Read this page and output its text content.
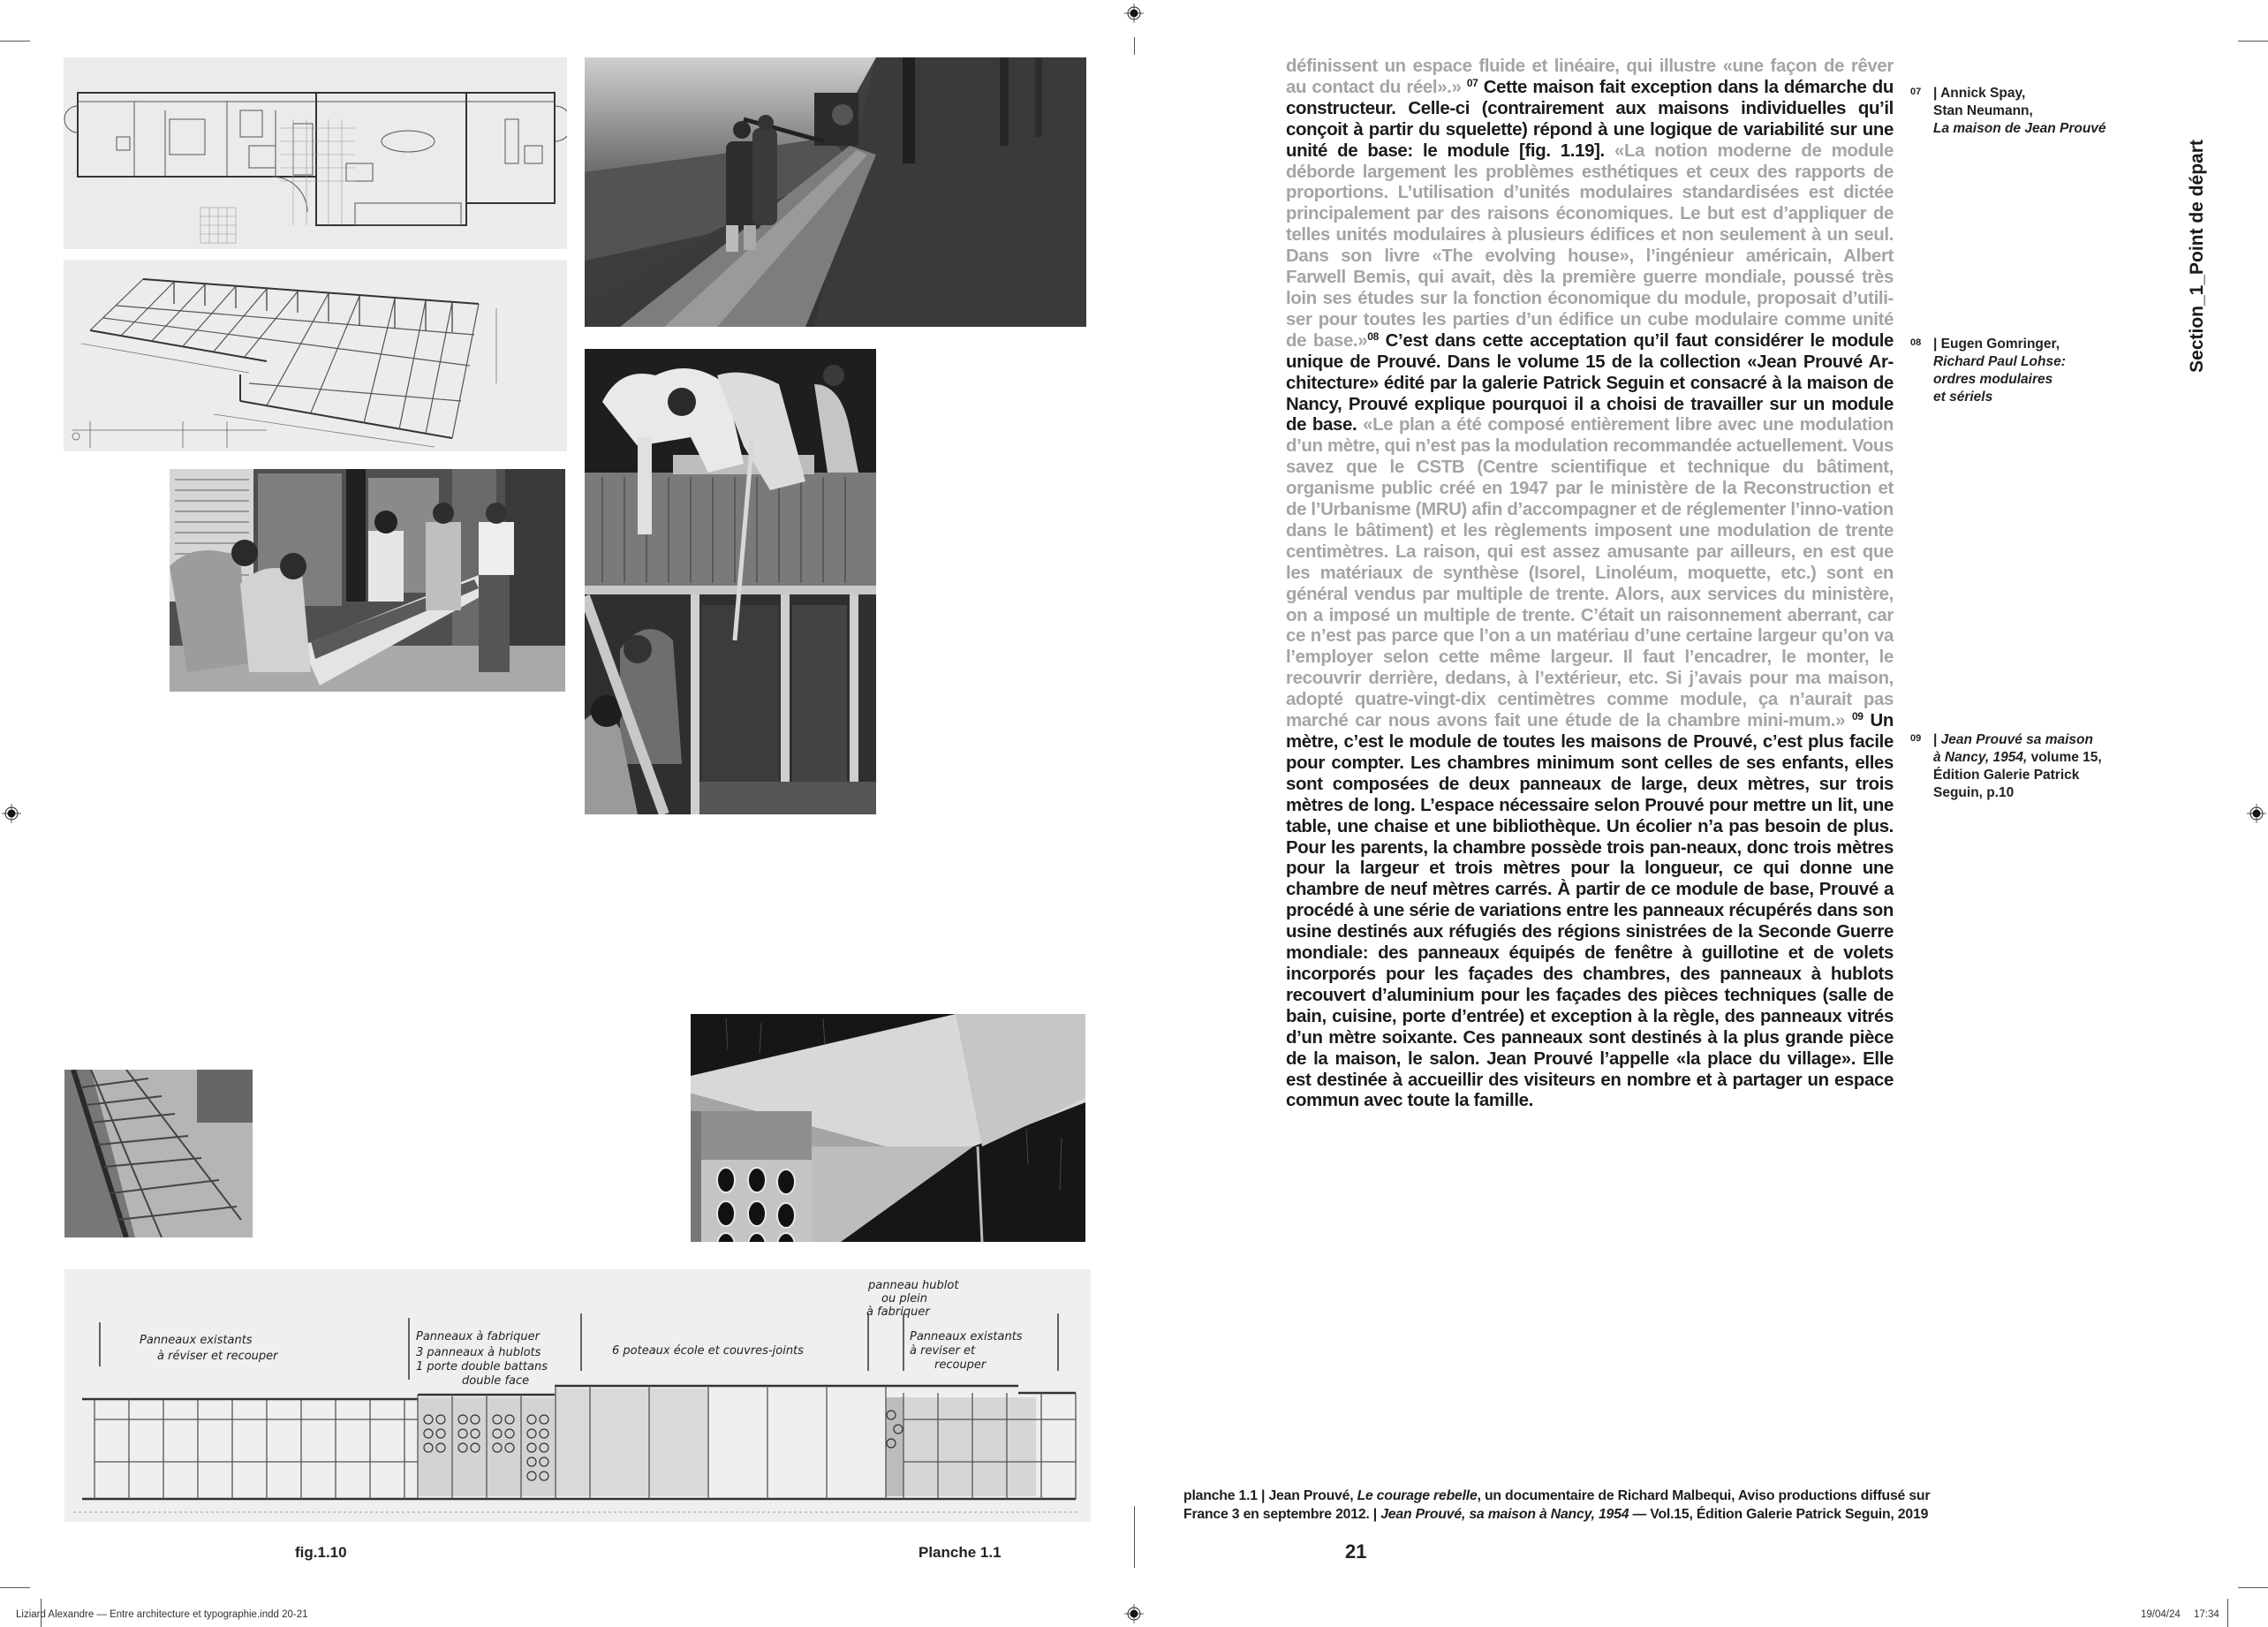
Panneaux existants
à réviser et recouper
Panneaux à fabriquer
3 panneaux à hublots
1 porte double battans
double face
6 poteaux école et couvres-joints
panneau hublot
ou plein
à fabriquer
Panneaux existants
à reviser et
recouper
fig.1.10	Planche 1.1

définissent un espace fluide et linéaire, qui illustre «une façon de rêver au contact du réel».» $^{07}$ Cette maison fait exception dans la démarche du constructeur. Celle-ci (contrairement aux maisons individuelles qu’il conçoit à partir du squelette) répond à une logique de variabilité sur une unité de base: le module [fig. 1.19]. «La notion moderne de module déborde largement les problèmes esthétiques et ceux des rapports de proportions. L’utilisation d’unités modulaires standardisées est dictée principalement par des raisons économiques. Le but est d’appliquer de telles unités modulaires à plusieurs édifices et non seulement à un seul. Dans son livre «The evolving house», l’ingénieur américain, Albert Farwell Bemis, qui avait, dès la première guerre mondiale, poussé très loin ses études sur la fonction économique du module, proposait d’utili-ser pour toutes les parties d’un édifice un cube modulaire comme unité de base.»$^{08}$ C’est dans cette acceptation qu’il faut considérer le module unique de Prouvé. Dans le volume 15 de la collection «Jean Prouvé Ar-chitecture» édité par la galerie Patrick Seguin et consacré à la maison de Nancy, Prouvé explique pourquoi il a choisi de travailler sur un module de base. «Le plan a été composé entièrement libre avec une modulation d’un mètre, qui n’est pas la modulation recommandée actuellement. Vous savez que le CSTB (Centre scientifique et technique du bâtiment, organisme public créé en 1947 par le ministère de la Reconstruction et de l’Urbanisme (MRU) afin d’accompagner et de réglementer l’inno-vation dans le bâtiment) et les règlements imposent une modulation de trente centimètres. La raison, qui est assez amusante par ailleurs, en est que les matériaux de synthèse (Isorel, Linoléum, moquette, etc.) sont en général vendus par multiple de trente. Alors, aux services du ministère, on a imposé un multiple de trente. C’était un raisonnement aberrant, car ce n’est pas parce que l’on a un matériau d’une certaine largeur qu’on va l’employer selon cette même largeur. Il faut l’encadrer, le monter, le recouvrir derrière, dedans, à l’extérieur, etc. Si j’avais pour ma maison, adopté quatre-vingt-dix centimètres comme module, ça n’aurait pas marché car nous avons fait une étude de la chambre mini-mum.» $^{09}$ Un mètre, c’est le module de toutes les maisons de Prouvé, c’est plus facile pour compter. Les chambres minimum sont celles de ses enfants, elles sont composées de deux panneaux de large, deux mètres, sur trois mètres de long. L’espace nécessaire selon Prouvé pour mettre un lit, une table, une chaise et une bibliothèque. Un écolier n’a pas besoin de plus. Pour les parents, la chambre possède trois pan-neaux, donc trois mètres pour la largeur et trois mètres pour la longueur, ce qui donne une chambre de neuf mètres carrés. À partir de ce module de base, Prouvé a procédé à une série de variations entre les panneaux récupérés dans son usine destinés aux réfugiés des régions sinistrées de la Seconde Guerre mondiale: des panneaux équipés de fenêtre à guillotine et de volets incorporés pour les façades des chambres, des panneaux à hublots recouvert d’aluminium pour les façades des pièces techniques (salle de bain, cuisine, porte d’entrée) et exception à la règle, des panneaux vitrés d’un mètre soixante. Ces panneaux sont destinés à la plus grande pièce de la maison, le salon. Jean Prouvé l’appelle «la place du village». Elle est destinée à accueillir des visiteurs en nombre et à partager un espace commun avec toute la famille.

07 | Annick Spay,
Stan Neumann,
La maison de Jean Prouvé
08 | Eugen Gomringer,
Richard Paul Lohse:
ordres modulaires
et sériels
09 | Jean Prouvé sa maison
à Nancy, 1954, volume 15,
Édition Galerie Patrick
Seguin, p.10
Section_1_Point de départ
planche 1.1 | Jean Prouvé, Le courage rebelle, un documentaire de Richard Malbequi, Aviso productions diffusé sur France 3 en septembre 2012. | Jean Prouvé, sa maison à Nancy, 1954 — Vol.15, Édition Galerie Patrick Seguin, 2019
21
Liziard Alexandre — Entre architecture et typographie.indd 20-21	19/04/24 17:34
